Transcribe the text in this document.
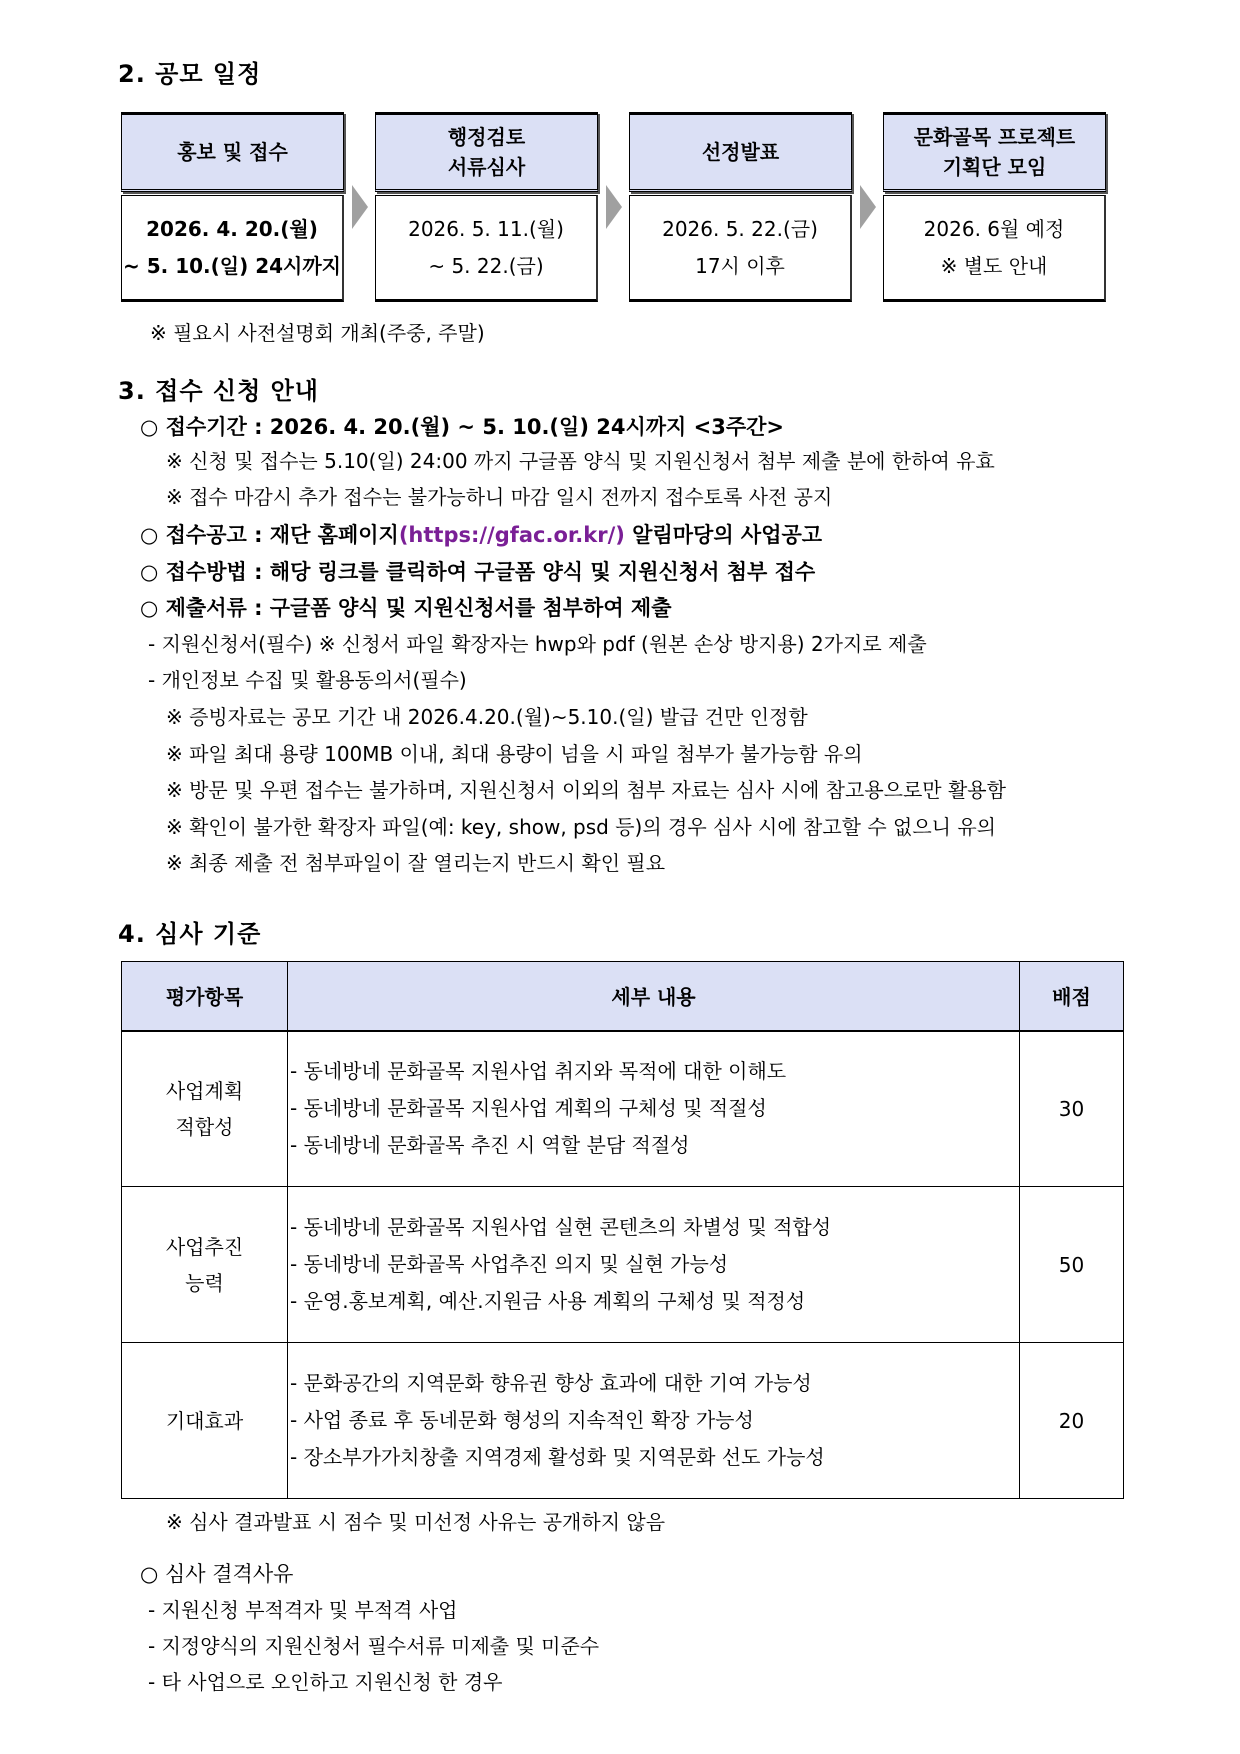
2. 공모 일정
홍보 및 접수
2026. 4. 20.(월)
~ 5. 10.(일) 24시까지
행정검토
서류심사
2026. 5. 11.(월)
~ 5. 22.(금)
선정발표
2026. 5. 22.(금)
17시 이후
문화골목 프로젝트
기획단 모임
2026. 6월 예정
※ 별도 안내
※ 필요시 사전설명회 개최(주중, 주말)
3. 접수 신청 안내
○ 접수기간 : 2026. 4. 20.(월) ~ 5. 10.(일) 24시까지 <3주간>
※ 신청 및 접수는 5.10(일) 24:00 까지 구글폼 양식 및 지원신청서 첨부 제출 분에 한하여 유효
※ 접수 마감시 추가 접수는 불가능하니 마감 일시 전까지 접수토록 사전 공지
○ 접수공고 : 재단 홈페이지(https://gfac.or.kr/) 알림마당의 사업공고
○ 접수방법 : 해당 링크를 클릭하여 구글폼 양식 및 지원신청서 첨부 접수
○ 제출서류 : 구글폼 양식 및 지원신청서를 첨부하여 제출
- 지원신청서(필수) ※ 신청서 파일 확장자는 hwp와 pdf (원본 손상 방지용) 2가지로 제출
- 개인정보 수집 및 활용동의서(필수)
※ 증빙자료는 공모 기간 내 2026.4.20.(월)~5.10.(일) 발급 건만 인정함
※ 파일 최대 용량 100MB 이내, 최대 용량이 넘을 시 파일 첨부가 불가능함 유의
※ 방문 및 우편 접수는 불가하며, 지원신청서 이외의 첨부 자료는 심사 시에 참고용으로만 활용함
※ 확인이 불가한 확장자 파일(예: key, show, psd 등)의 경우 심사 시에 참고할 수 없으니 유의
※ 최종 제출 전 첨부파일이 잘 열리는지 반드시 확인 필요
4. 심사 기준
평가항목	세부 내용	배점
사업계획
적합성	- 동네방네 문화골목 지원사업 취지와 목적에 대한 이해도
- 동네방네 문화골목 지원사업 계획의 구체성 및 적절성
- 동네방네 문화골목 추진 시 역할 분담 적절성	30
사업추진
능력	- 동네방네 문화골목 지원사업 실현 콘텐츠의 차별성 및 적합성
- 동네방네 문화골목 사업추진 의지 및 실현 가능성
- 운영.홍보계획, 예산.지원금 사용 계획의 구체성 및 적정성	50
기대효과	- 문화공간의 지역문화 향유권 향상 효과에 대한 기여 가능성
- 사업 종료 후 동네문화 형성의 지속적인 확장 가능성
- 장소부가가치창출 지역경제 활성화 및 지역문화 선도 가능성	20
※ 심사 결과발표 시 점수 및 미선정 사유는 공개하지 않음
○ 심사 결격사유
- 지원신청 부적격자 및 부적격 사업
- 지정양식의 지원신청서 필수서류 미제출 및 미준수
- 타 사업으로 오인하고 지원신청 한 경우
